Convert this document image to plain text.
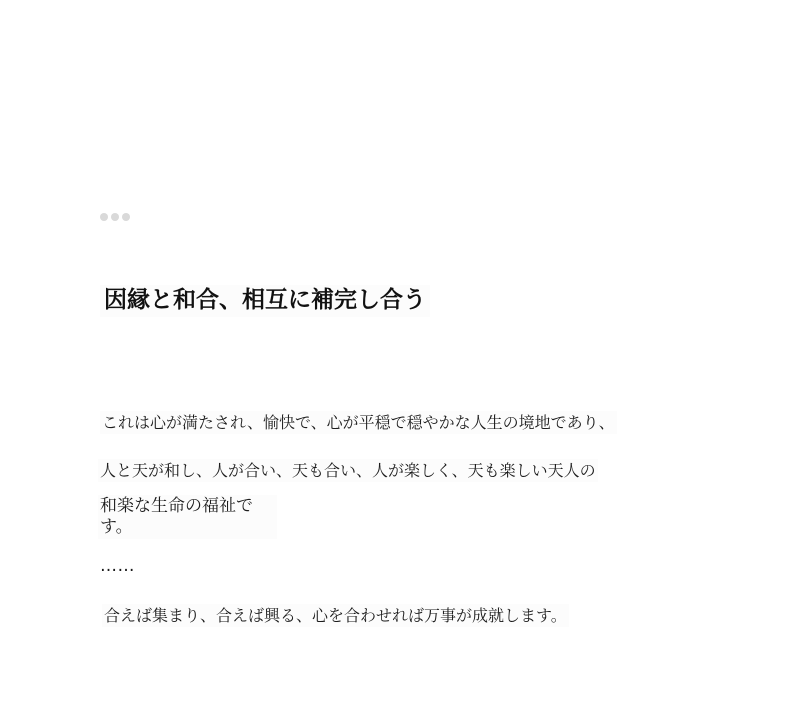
因縁と和合、相互に補完し合う
これは心が満たされ、愉快で、心が平穏で穏やかな人生の境地であり、
人と天が和し、人が合い、天も合い、人が楽しく、天も楽しい天人の
和楽な生命の福祉です。
……
合えば集まり、合えば興る、心を合わせれば万事が成就します。
